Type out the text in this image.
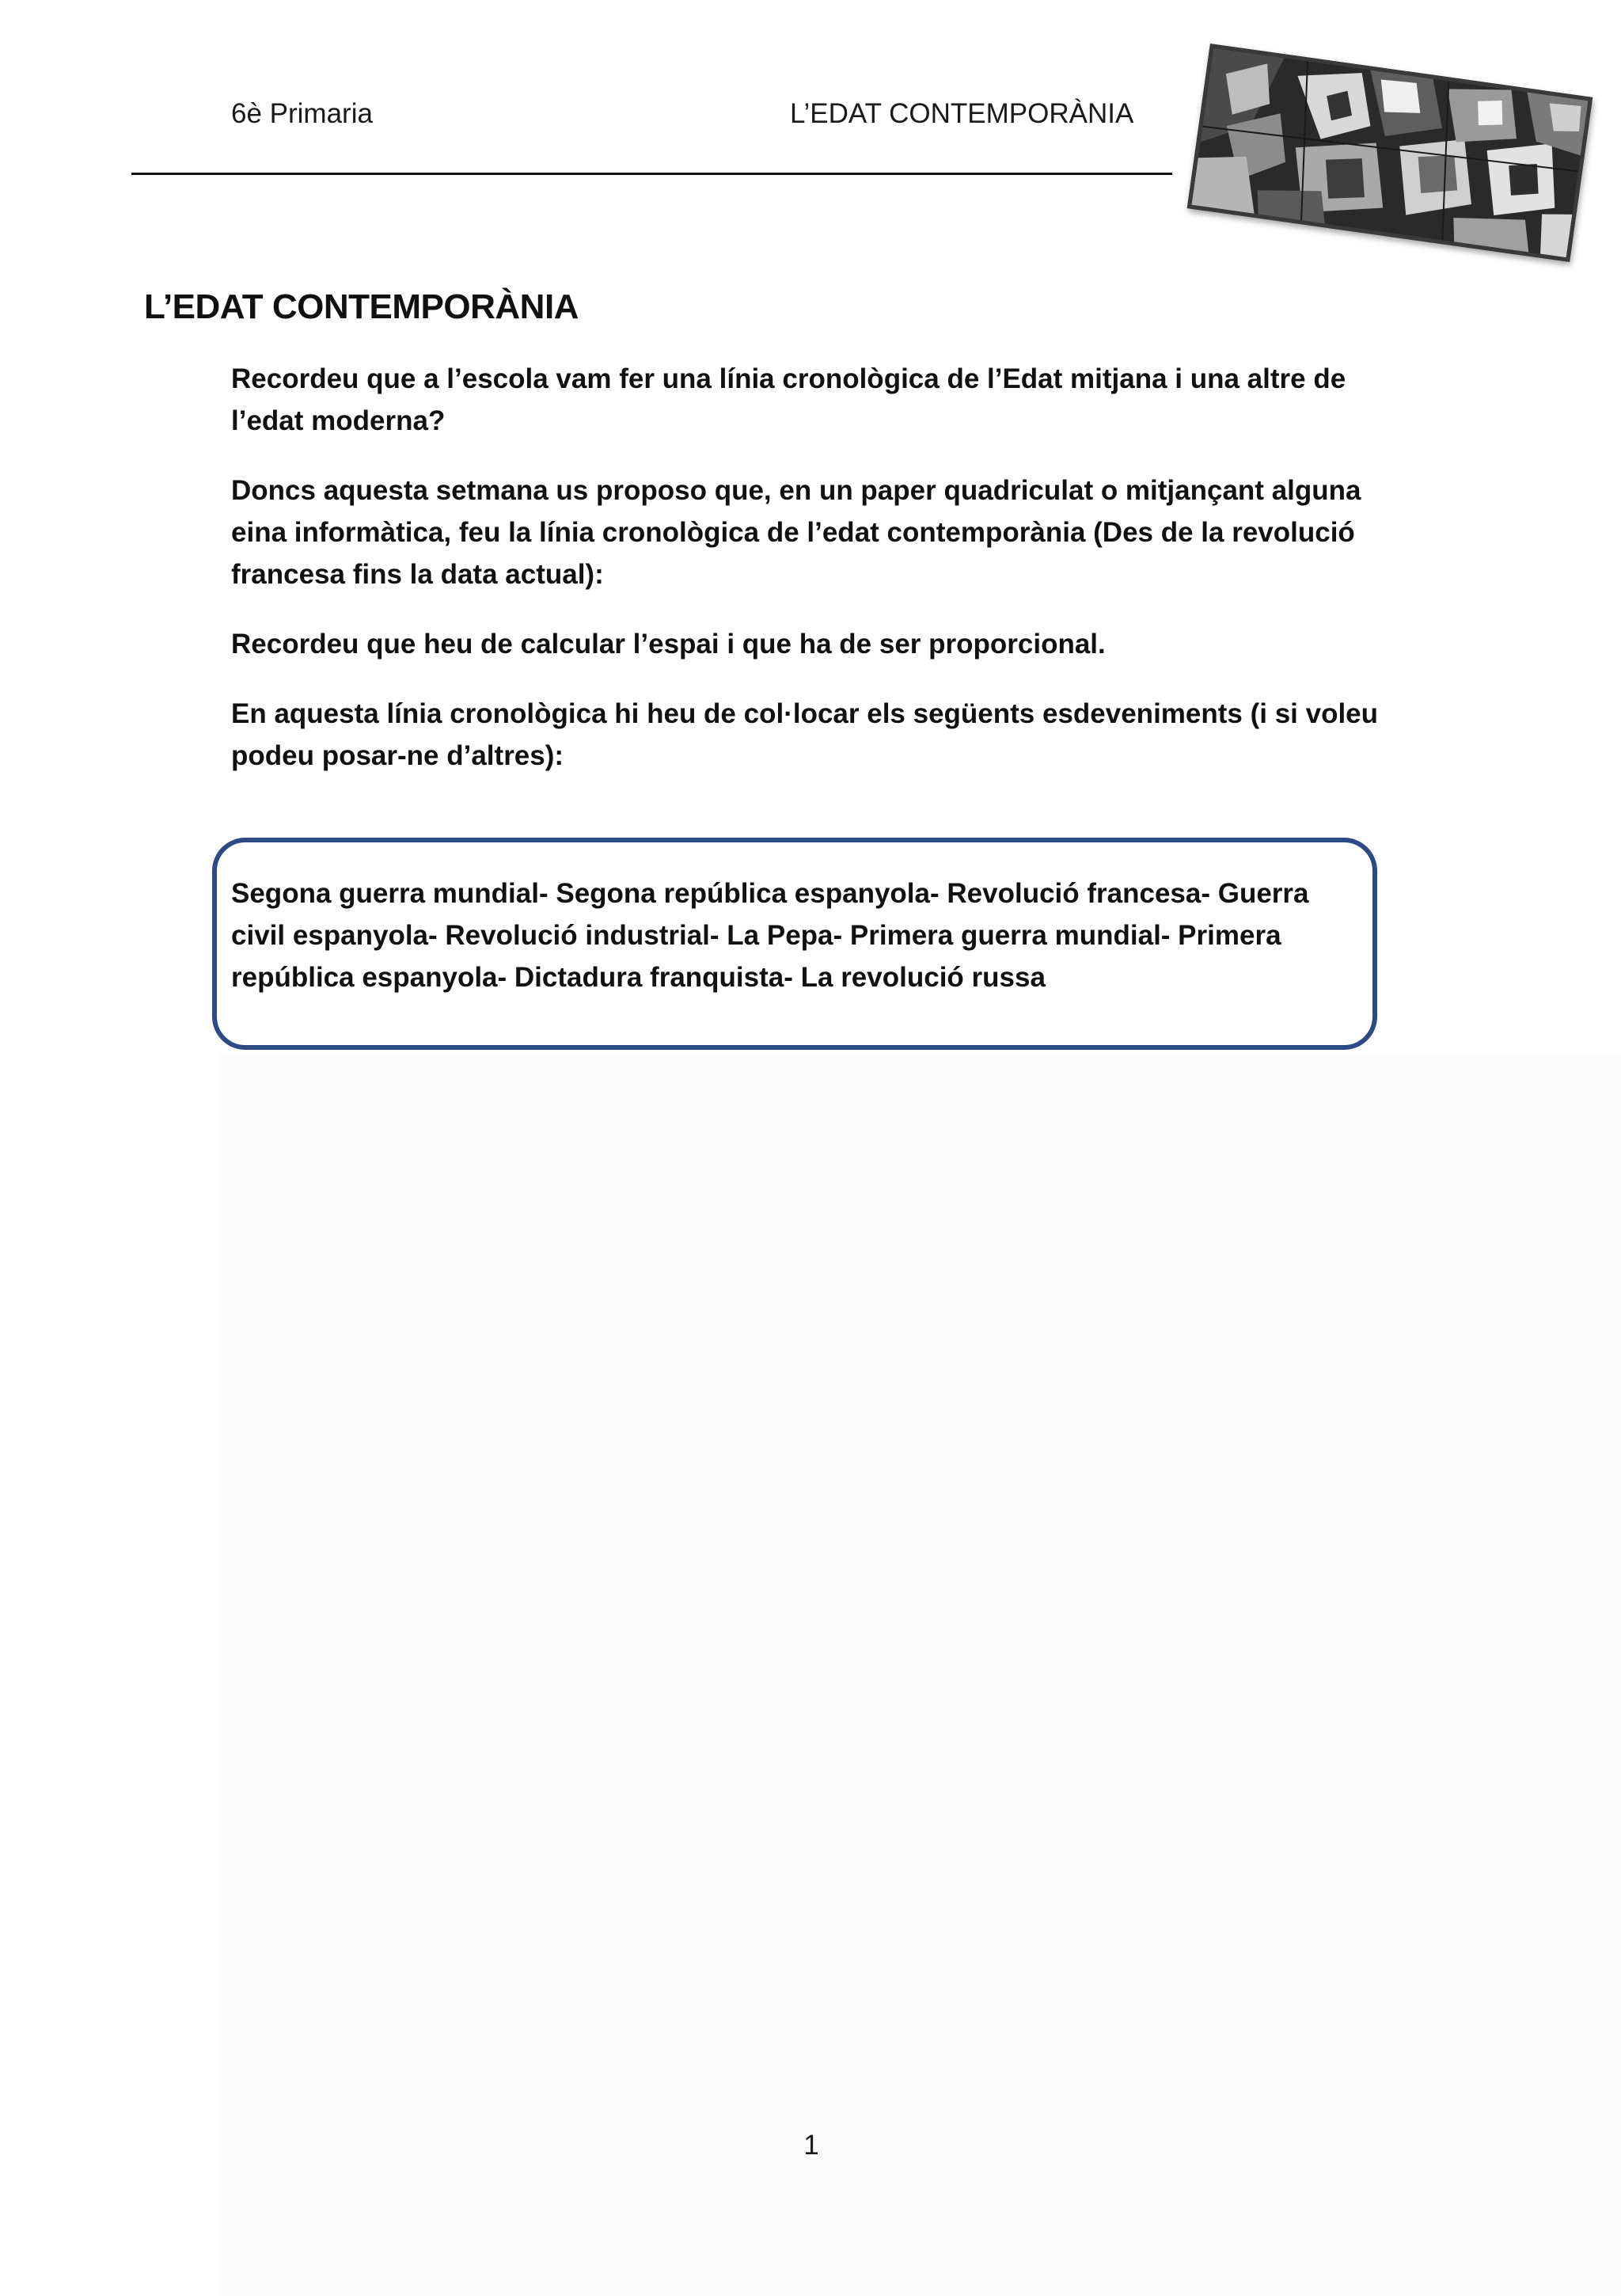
6è Primaria	L’EDAT CONTEMPORÀNIA
L’EDAT CONTEMPORÀNIA

Recordeu que a l’escola vam fer una línia cronològica de l’Edat mitjana i una altre de l’edat moderna?

Doncs aquesta setmana us proposo que, en un paper quadriculat o mitjançant alguna eina informàtica, feu la línia cronològica de l’edat contemporània (Des de la revolució francesa fins la data actual):

Recordeu que heu de calcular l’espai i que ha de ser proporcional.

En aquesta línia cronològica hi heu de col·locar els següents esdeveniments (i si voleu podeu posar-ne d’altres):

Segona guerra mundial- Segona república espanyola- Revolució francesa- Guerra civil espanyola- Revolució industrial- La Pepa- Primera guerra mundial- Primera república espanyola- Dictadura franquista- La revolució russa

1
